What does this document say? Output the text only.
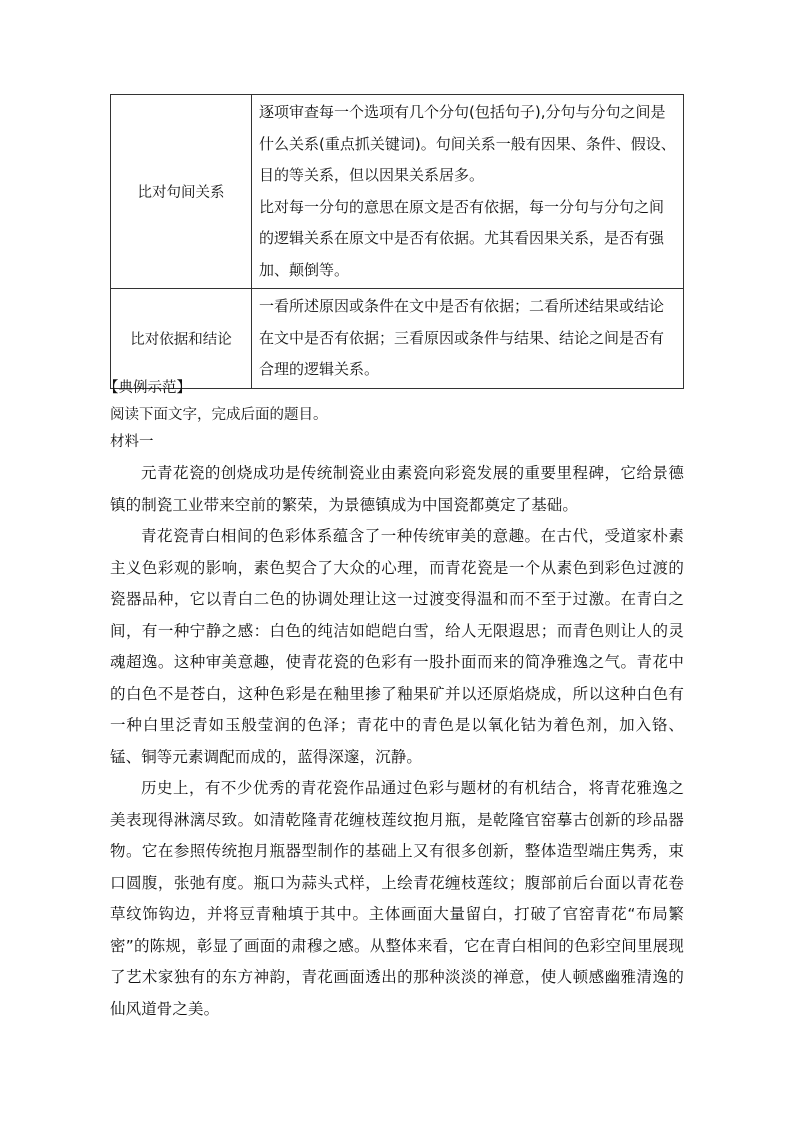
比对句间关系	逐项审查每一个选项有几个分句(包括句子),分句与分句之间是什么关系(重点抓关键词)。句间关系一般有因果、条件、假设、目的等关系，但以因果关系居多。

比对每一分句的意思在原文是否有依据，每一分句与分句之间的逻辑关系在原文中是否有依据。尤其看因果关系，是否有强加、颠倒等。

比对依据和结论	一看所述原因或条件在文中是否有依据；二看所述结果或结论在文中是否有依据；三看原因或条件与结果、结论之间是否有合理的逻辑关系。

【典例示范】
阅读下面文字，完成后面的题目。
材料一

元青花瓷的创烧成功是传统制瓷业由素瓷向彩瓷发展的重要里程碑，它给景德镇的制瓷工业带来空前的繁荣，为景德镇成为中国瓷都奠定了基础。

青花瓷青白相间的色彩体系蕴含了一种传统审美的意趣。在古代，受道家朴素主义色彩观的影响，素色契合了大众的心理，而青花瓷是一个从素色到彩色过渡的瓷器品种，它以青白二色的协调处理让这一过渡变得温和而不至于过激。在青白之间，有一种宁静之感：白色的纯洁如皑皑白雪，给人无限遐思；而青色则让人的灵魂超逸。这种审美意趣，使青花瓷的色彩有一股扑面而来的简净雅逸之气。青花中的白色不是苍白，这种色彩是在釉里掺了釉果矿并以还原焰烧成，所以这种白色有一种白里泛青如玉般莹润的色泽；青花中的青色是以氧化钴为着色剂，加入铬、锰、铜等元素调配而成的，蓝得深邃，沉静。

历史上，有不少优秀的青花瓷作品通过色彩与题材的有机结合，将青花雅逸之美表现得淋漓尽致。如清乾隆青花缠枝莲纹抱月瓶，是乾隆官窑摹古创新的珍品器物。它在参照传统抱月瓶器型制作的基础上又有很多创新，整体造型端庄隽秀，束口圆腹，张弛有度。瓶口为蒜头式样，上绘青花缠枝莲纹；腹部前后台面以青花卷草纹饰钩边，并将豆青釉填于其中。主体画面大量留白，打破了官窑青花“布局繁密”的陈规，彰显了画面的肃穆之感。从整体来看，它在青白相间的色彩空间里展现了艺术家独有的东方神韵，青花画面透出的那种淡淡的禅意，使人顿感幽雅清逸的仙风道骨之美。
